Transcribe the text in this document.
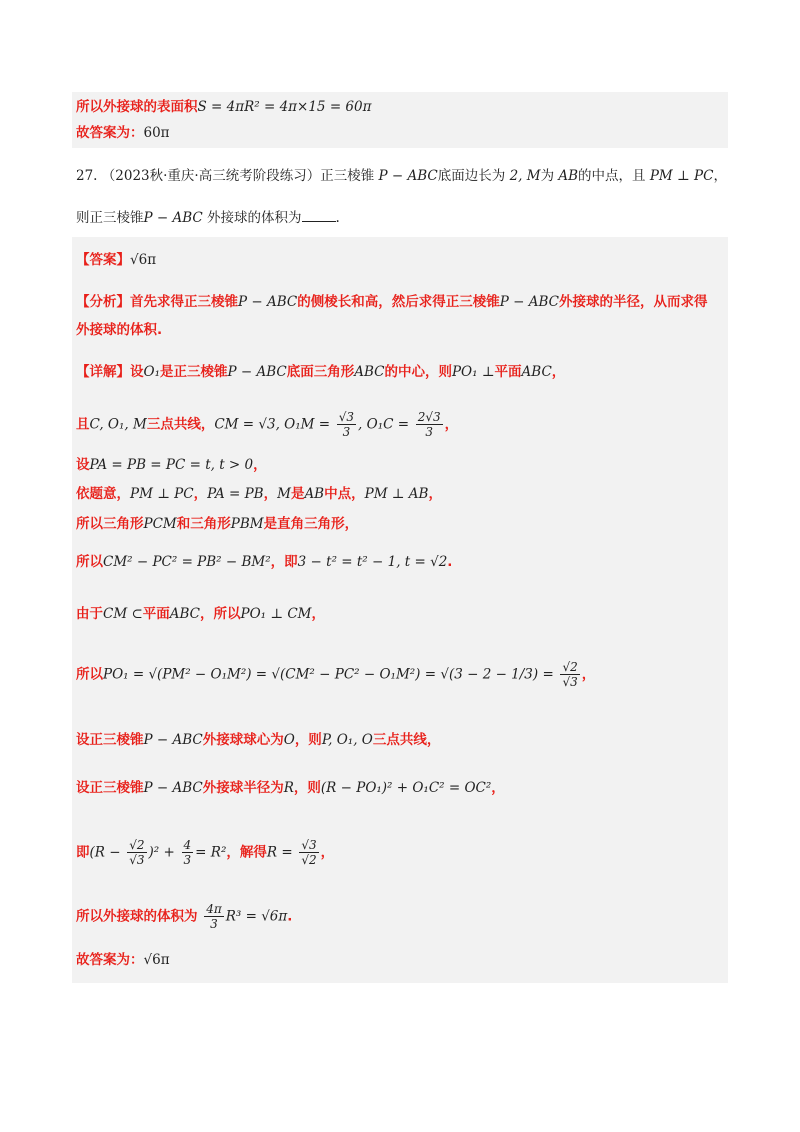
所以外接球的表面积S = 4πR² = 4π×15 = 60π
故答案为：60π
27. （2023秋·重庆·高三统考阶段练习）正三棱锥 P − ABC底面边长为 2, M为 AB的中点，且 PM ⊥ PC，
则正三棱锥P − ABC 外接球的体积为	.
【答案】√6π
【分析】首先求得正三棱锥P − ABC的侧棱长和高，然后求得正三棱锥P − ABC外接球的半径，从而求得
外接球的体积.
【详解】设O₁是正三棱锥P − ABC底面三角形ABC的中心，则PO₁ ⊥平面ABC，
且C, O₁, M三点共线，CM = √3, $O_1M = \frac{√3}{3}$ , $O_1C = \frac{2√3}{3}$ ，
设PA = PB = PC = t, t > 0，
依题意，PM ⊥ PC，PA = PB，M是AB中点，PM ⊥ AB，
所以三角形PCM和三角形PBM是直角三角形，
所以CM² − PC² = PB² − BM²，即3 − t² = t² − 1, t = √2.
由于CM ⊂平面ABC，所以PO₁ ⊥ CM，
所以$PO_1 = √(PM^2 - O_1M^2) = √(CM^2 - PC^2 - O_1M^2) = √(3 - 2 - 1/3) = \frac{√2}{√3}$ ，
设正三棱锥P − ABC外接球球心为O，则P, O₁, O三点共线，
设正三棱锥P − ABC外接球半径为R，则(R − PO₁)² + O₁C² = OC²，
即$(R - \frac{√2}{√3} )^2 + \frac{4}{3} = R^2$，解得$R = \frac{√3}{√2}$ ，
所以外接球的体积为 $\frac{4\pi}{3} R^3 = √6\pi$.
故答案为：√6π
